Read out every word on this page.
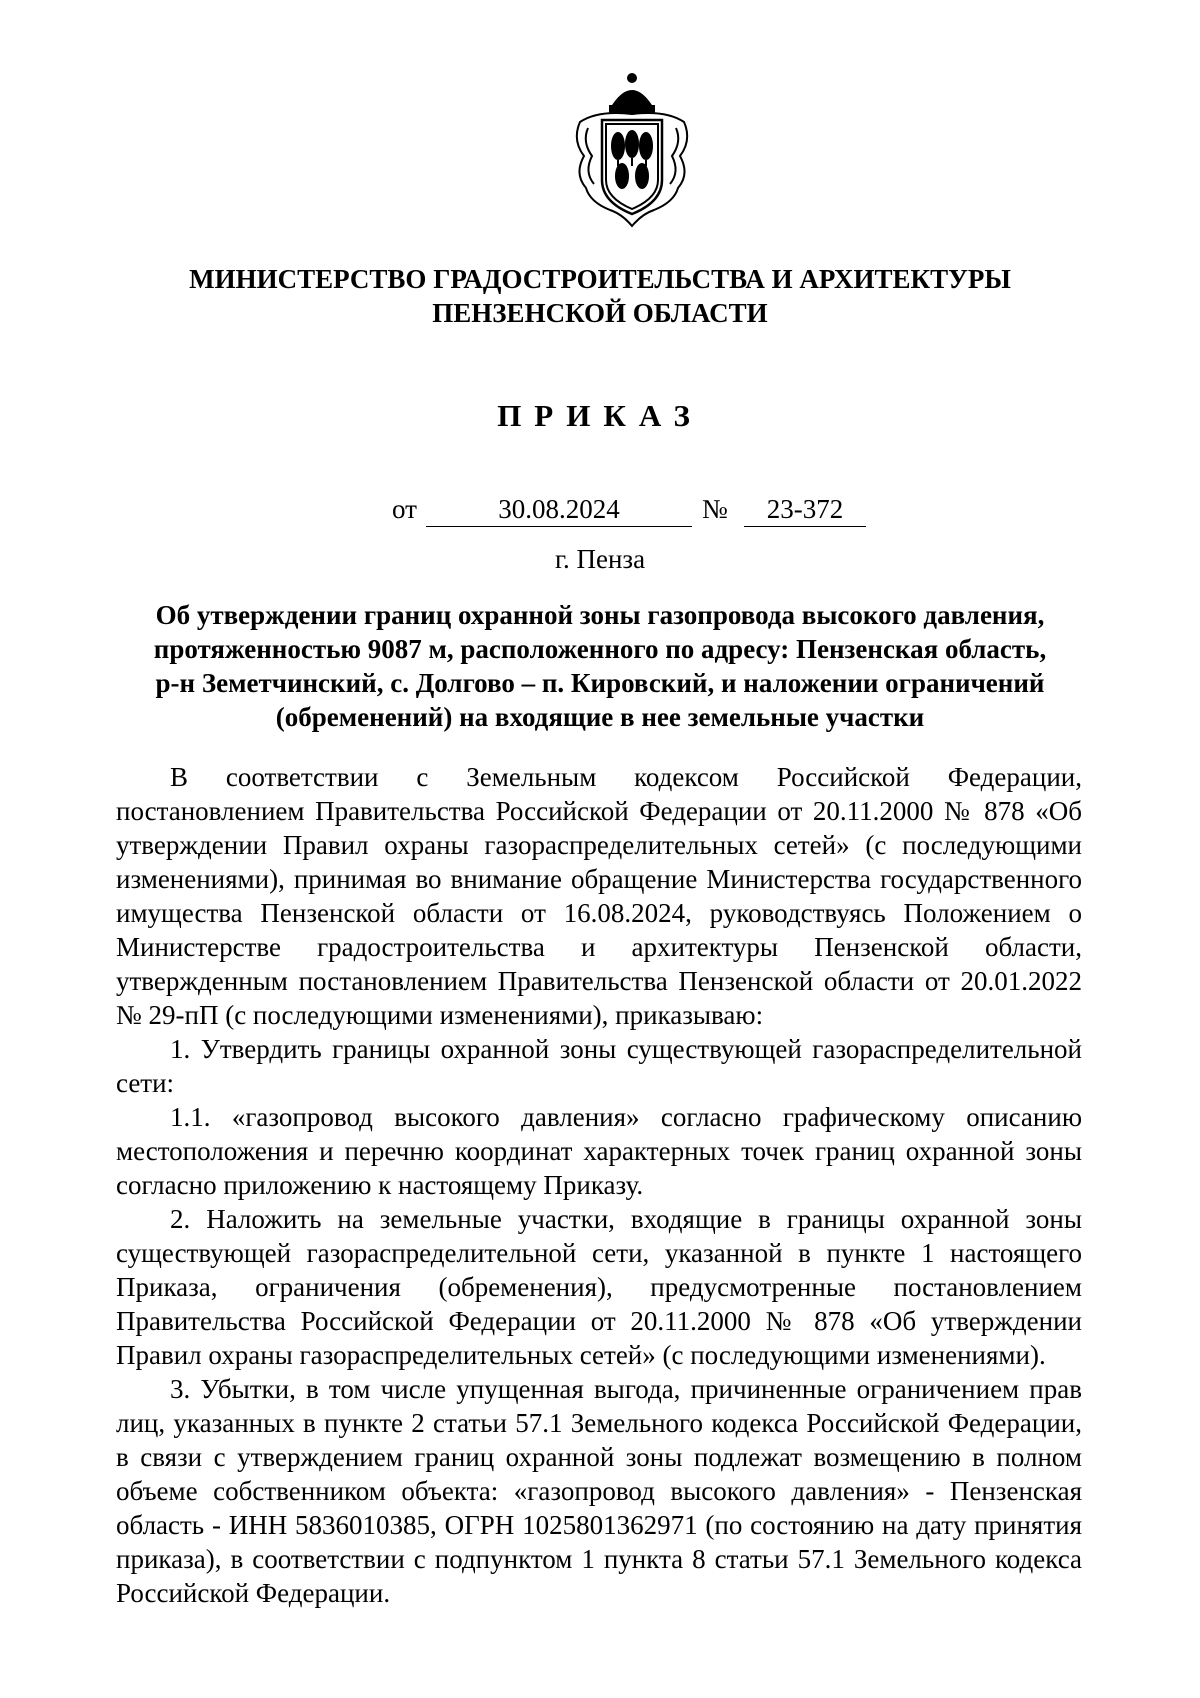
МИНИСТЕРСТВО ГРАДОСТРОИТЕЛЬСТВА И АРХИТЕКТУРЫ
ПЕНЗЕНСКОЙ ОБЛАСТИ
ПРИКАЗ
от	30.08.2024	№	23-372
г. Пенза
Об утверждении границ охранной зоны газопровода высокого давления,
протяженностью 9087 м, расположенного по адресу: Пензенская область,
р-н Земетчинский, с. Долгово – п. Кировский, и наложении ограничений
(обременений) на входящие в нее земельные участки

В соответствии с Земельным кодексом Российской Федерации, постановлением Правительства Российской Федерации от 20.11.2000 № 878 «Об утверждении Правил охраны газораспределительных сетей» (с последующими изменениями), принимая во внимание обращение Министерства государственного имущества Пензенской области от 16.08.2024, руководствуясь Положением о Министерстве градостроительства и архитектуры Пензенской области, утвержденным постановлением Правительства Пензенской области от 20.01.2022 № 29-пП (с последующими изменениями), приказываю:

1. Утвердить границы охранной зоны существующей газораспределительной сети:

1.1. «газопровод высокого давления» согласно графическому описанию местоположения и перечню координат характерных точек границ охранной зоны согласно приложению к настоящему Приказу.

2. Наложить на земельные участки, входящие в границы охранной зоны существующей газораспределительной сети, указанной в пункте 1 настоящего Приказа, ограничения (обременения), предусмотренные постановлением Правительства Российской Федерации от 20.11.2000 № 878 «Об утверждении Правил охраны газораспределительных сетей» (с последующими изменениями).

3. Убытки, в том числе упущенная выгода, причиненные ограничением прав лиц, указанных в пункте 2 статьи 57.1 Земельного кодекса Российской Федерации, в связи с утверждением границ охранной зоны подлежат возмещению в полном объеме собственником объекта: «газопровод высокого давления» - Пензенская область - ИНН 5836010385, ОГРН 1025801362971 (по состоянию на дату принятия приказа), в соответствии с подпунктом 1 пункта 8 статьи 57.1 Земельного кодекса Российской Федерации.
